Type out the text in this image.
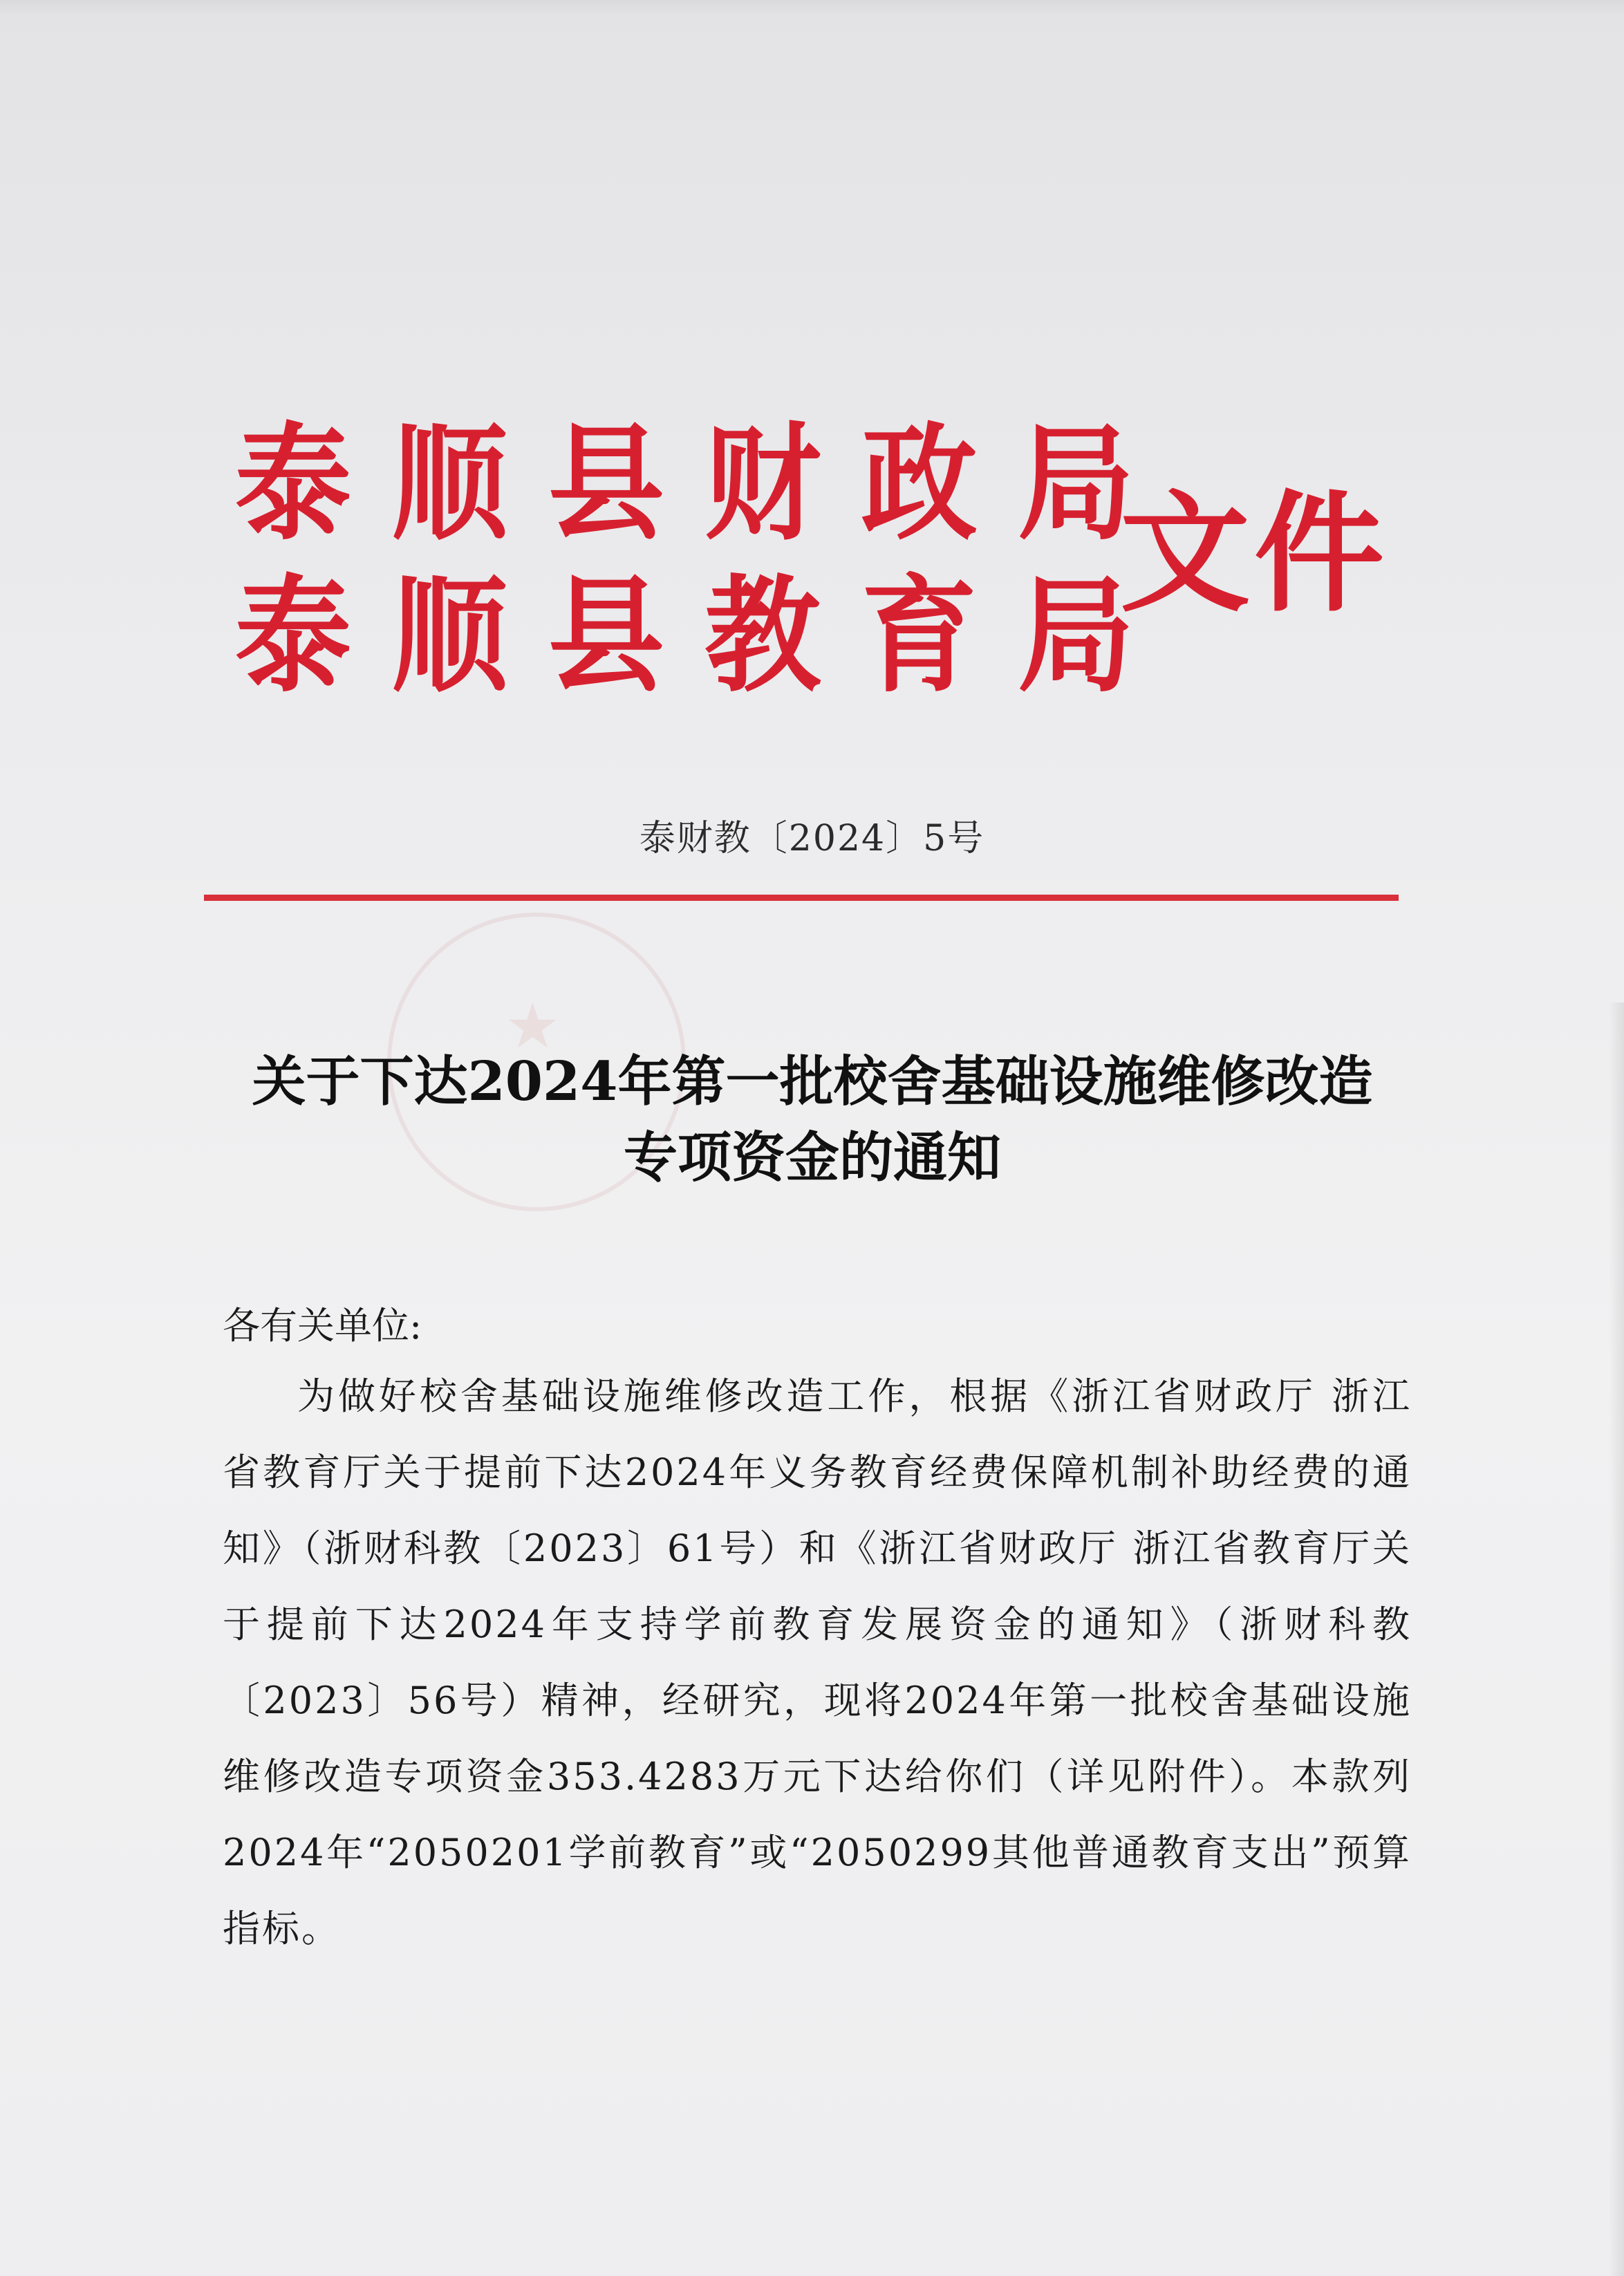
泰 顺 县 财 政 局
泰 顺 县 教 育 局
文件
泰财教〔2024〕5号
★
关于下达2024年第一批校舍基础设施维修改造
专项资金的通知
各有关单位:

为做好校舍基础设施维修改造工作，根据《浙江省财政厅 浙江省教育厅关于提前下达2024年义务教育经费保障机制补助经费的通知》（浙财科教〔2023〕61号）和《浙江省财政厅 浙江省教育厅关于提前下达2024年支持学前教育发展资金的通知》（浙财科教〔2023〕56号）精神，经研究，现将2024年第一批校舍基础设施维修改造专项资金353.4283万元下达给你们（详见附件）。本款列2024年“2050201学前教育”或“2050299其他普通教育支出”预算指标。
